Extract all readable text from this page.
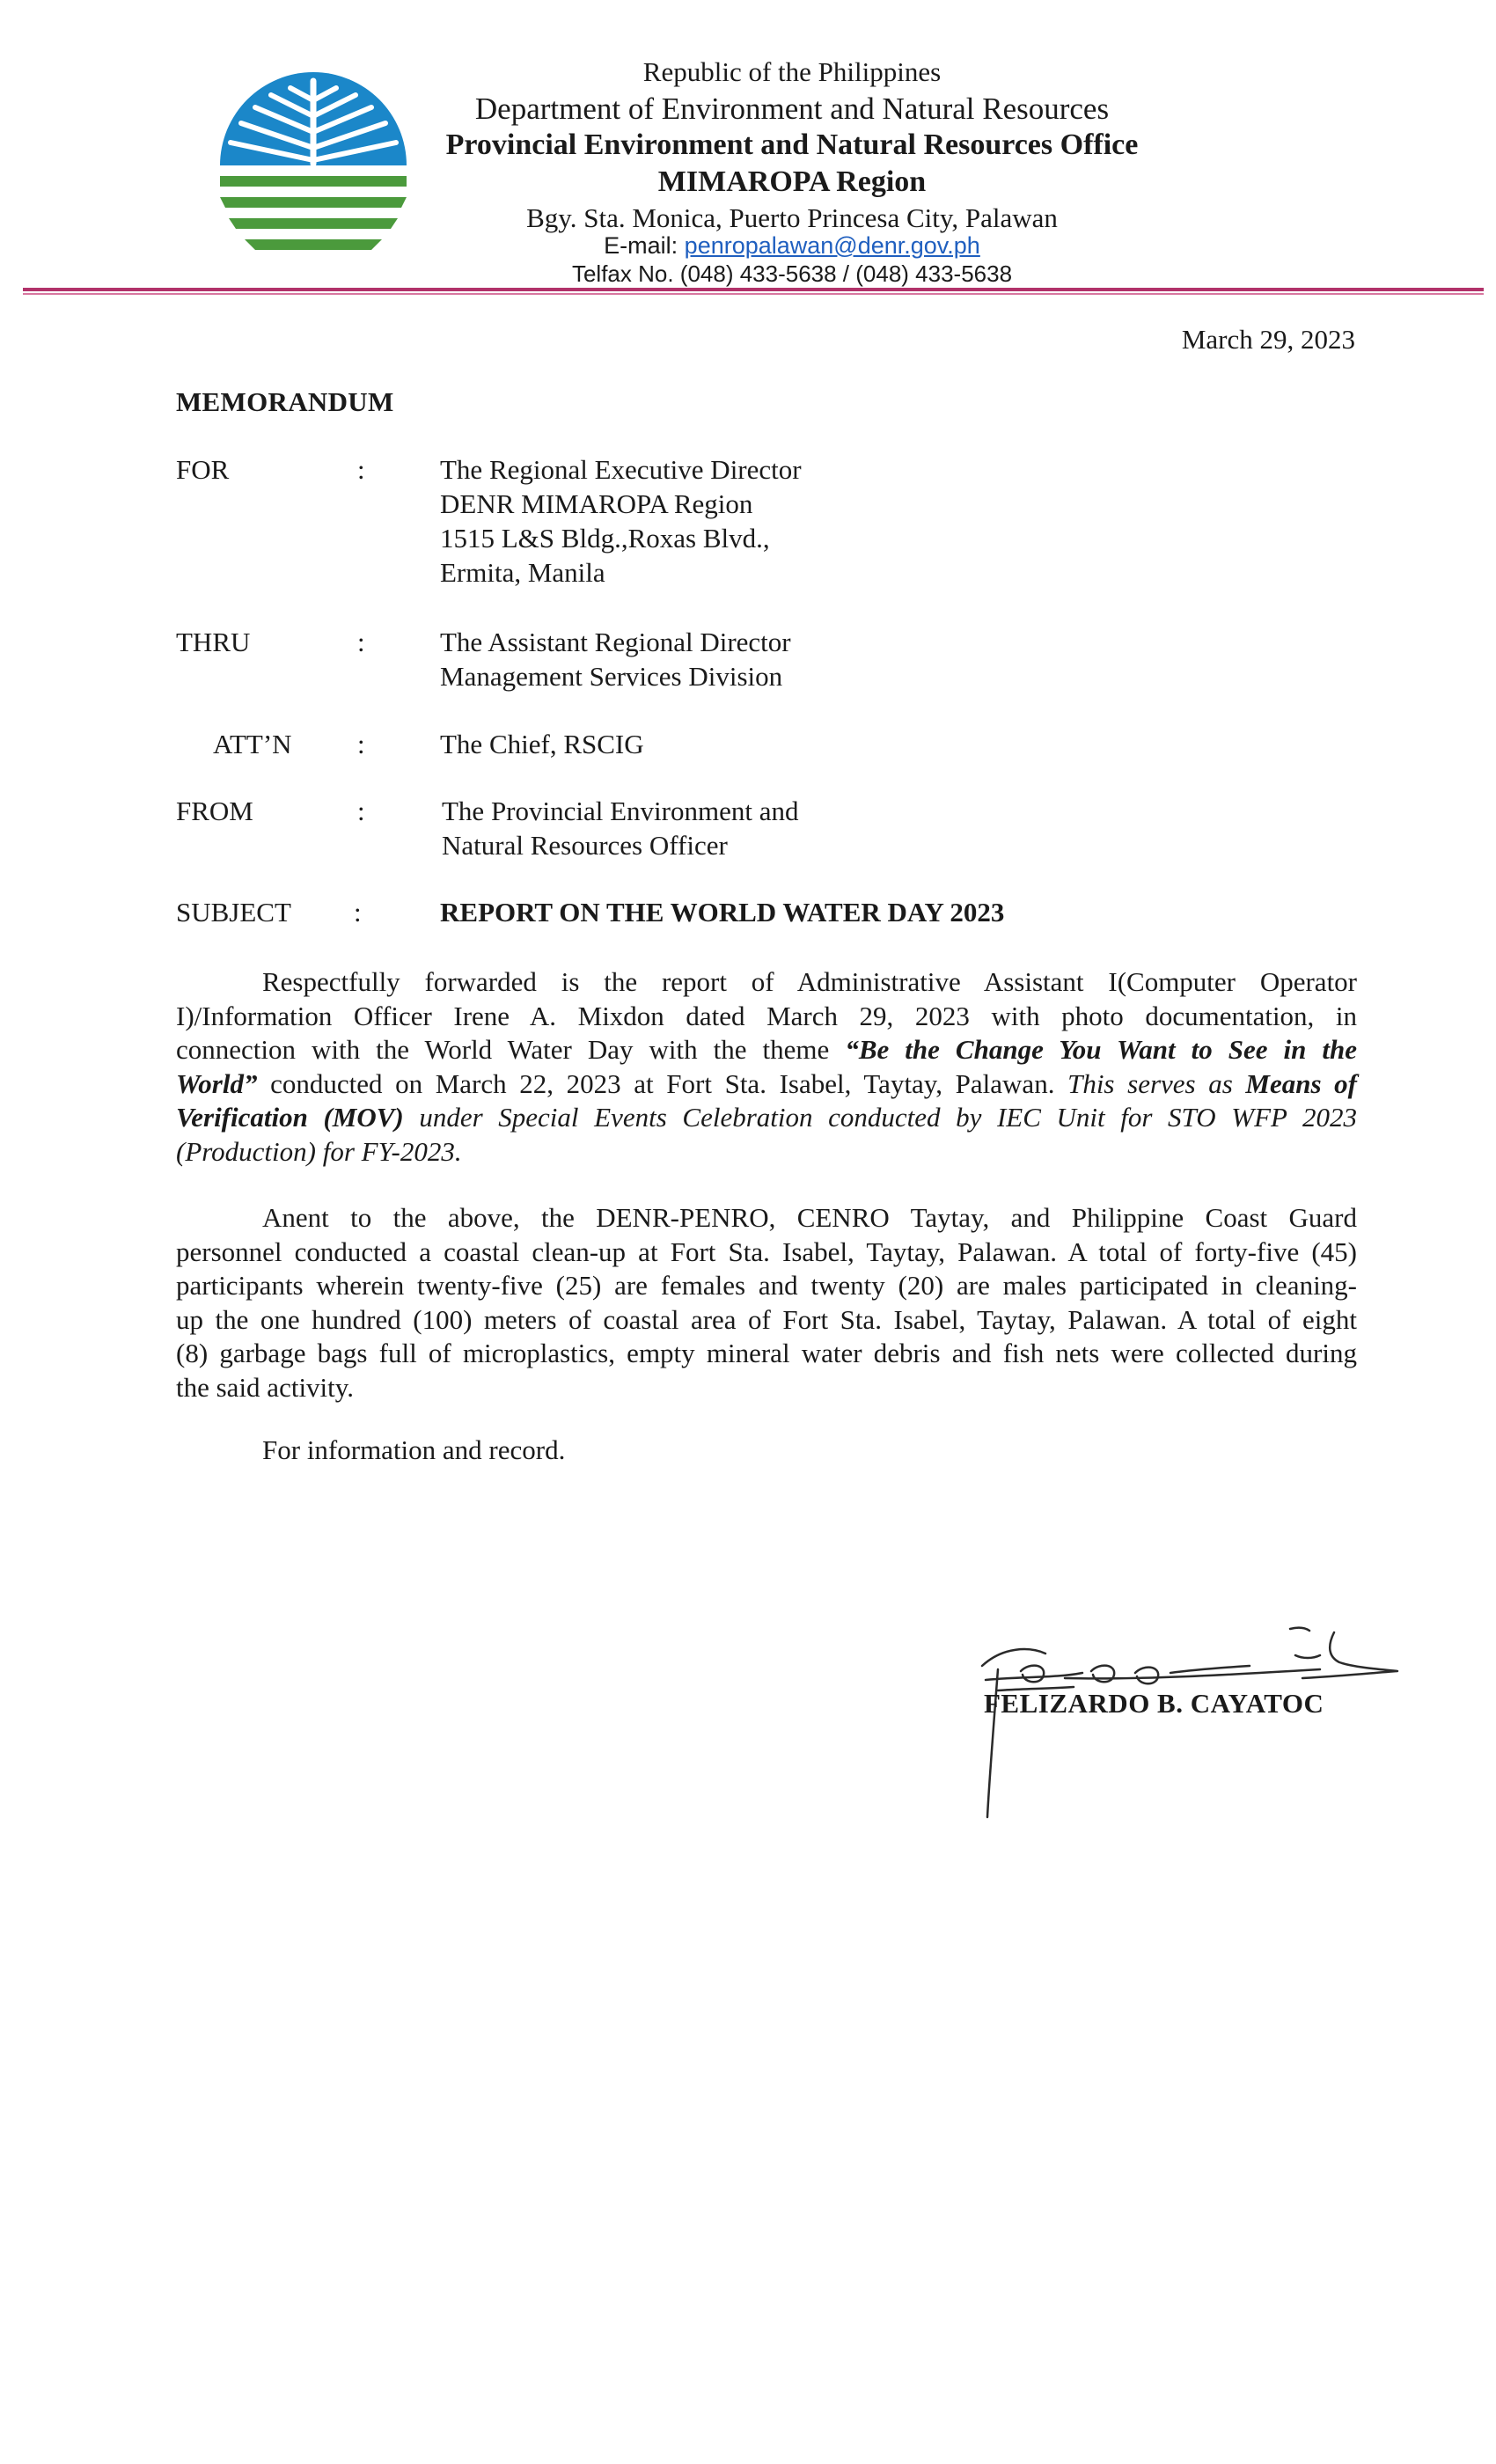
Republic of the Philippines
Department of Environment and Natural Resources
Provincial Environment and Natural Resources Office
MIMAROPA Region
Bgy. Sta. Monica, Puerto Princesa City, Palawan
E-mail: penropalawan@denr.gov.ph
Telfax No. (048) 433-5638 / (048) 433-5638
March 29, 2023
MEMORANDUM
FOR	:	The Regional Executive Director
DENR MIMAROPA Region
1515 L&S Bldg.,Roxas Blvd.,
Ermita, Manila
THRU	:	The Assistant Regional Director
Management Services Division
ATT’N :	The Chief, RSCIG
FROM	:	The Provincial Environment and
Natural Resources Officer
SUBJECT :	REPORT ON THE WORLD WATER DAY 2023
Respectfully forwarded is the report of Administrative Assistant I(Computer Operator
I)/Information Officer Irene A. Mixdon dated March 29, 2023 with photo documentation, in
connection with the World Water Day with the theme “Be the Change You Want to See in the
World” conducted on March 22, 2023 at Fort Sta. Isabel, Taytay, Palawan. This serves as Means of
Verification (MOV) under Special Events Celebration conducted by IEC Unit for STO WFP 2023
(Production) for FY-2023.
Anent to the above, the DENR-PENRO, CENRO Taytay, and Philippine Coast Guard
personnel conducted a coastal clean-up at Fort Sta. Isabel, Taytay, Palawan. A total of forty-five (45)
participants wherein twenty-five (25) are females and twenty (20) are males participated in cleaning-
up the one hundred (100) meters of coastal area of Fort Sta. Isabel, Taytay, Palawan. A total of eight
(8) garbage bags full of microplastics, empty mineral water debris and fish nets were collected during
the said activity.
For information and record.
FELIZARDO B. CAYATOC
